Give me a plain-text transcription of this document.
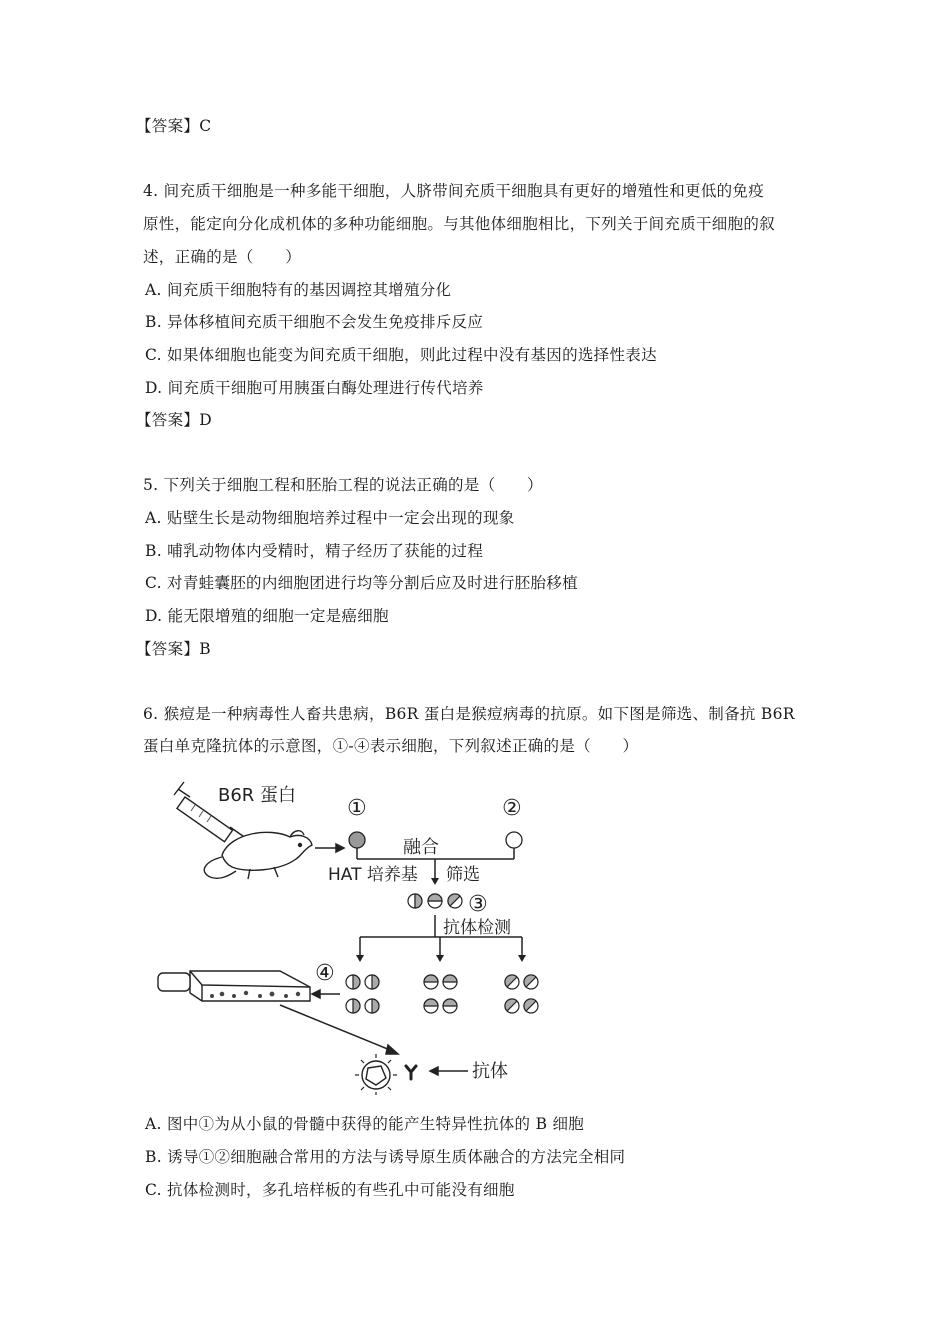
【答案】C
4. 间充质干细胞是一种多能干细胞，人脐带间充质干细胞具有更好的增殖性和更低的免疫
原性，能定向分化成机体的多种功能细胞。与其他体细胞相比，下列关于间充质干细胞的叙
述，正确的是（　　）
A. 间充质干细胞特有的基因调控其增殖分化
B. 异体移植间充质干细胞不会发生免疫排斥反应
C. 如果体细胞也能变为间充质干细胞，则此过程中没有基因的选择性表达
D. 间充质干细胞可用胰蛋白酶处理进行传代培养
【答案】D
5. 下列关于细胞工程和胚胎工程的说法正确的是（　　）
A. 贴壁生长是动物细胞培养过程中一定会出现的现象
B. 哺乳动物体内受精时，精子经历了获能的过程
C. 对青蛙囊胚的内细胞团进行均等分割后应及时进行胚胎移植
D. 能无限增殖的细胞一定是癌细胞
【答案】B
6. 猴痘是一种病毒性人畜共患病，B6R 蛋白是猴痘病毒的抗原。如下图是筛选、制备抗 B6R
蛋白单克隆抗体的示意图，①-④表示细胞，下列叙述正确的是（　　）
B6R 蛋白
①	②
融合
HAT 培养基 筛选
③
抗体检测
④
抗体
A. 图中①为从小鼠的骨髓中获得的能产生特异性抗体的 B 细胞
B. 诱导①②细胞融合常用的方法与诱导原生质体融合的方法完全相同
C. 抗体检测时，多孔培样板的有些孔中可能没有细胞
